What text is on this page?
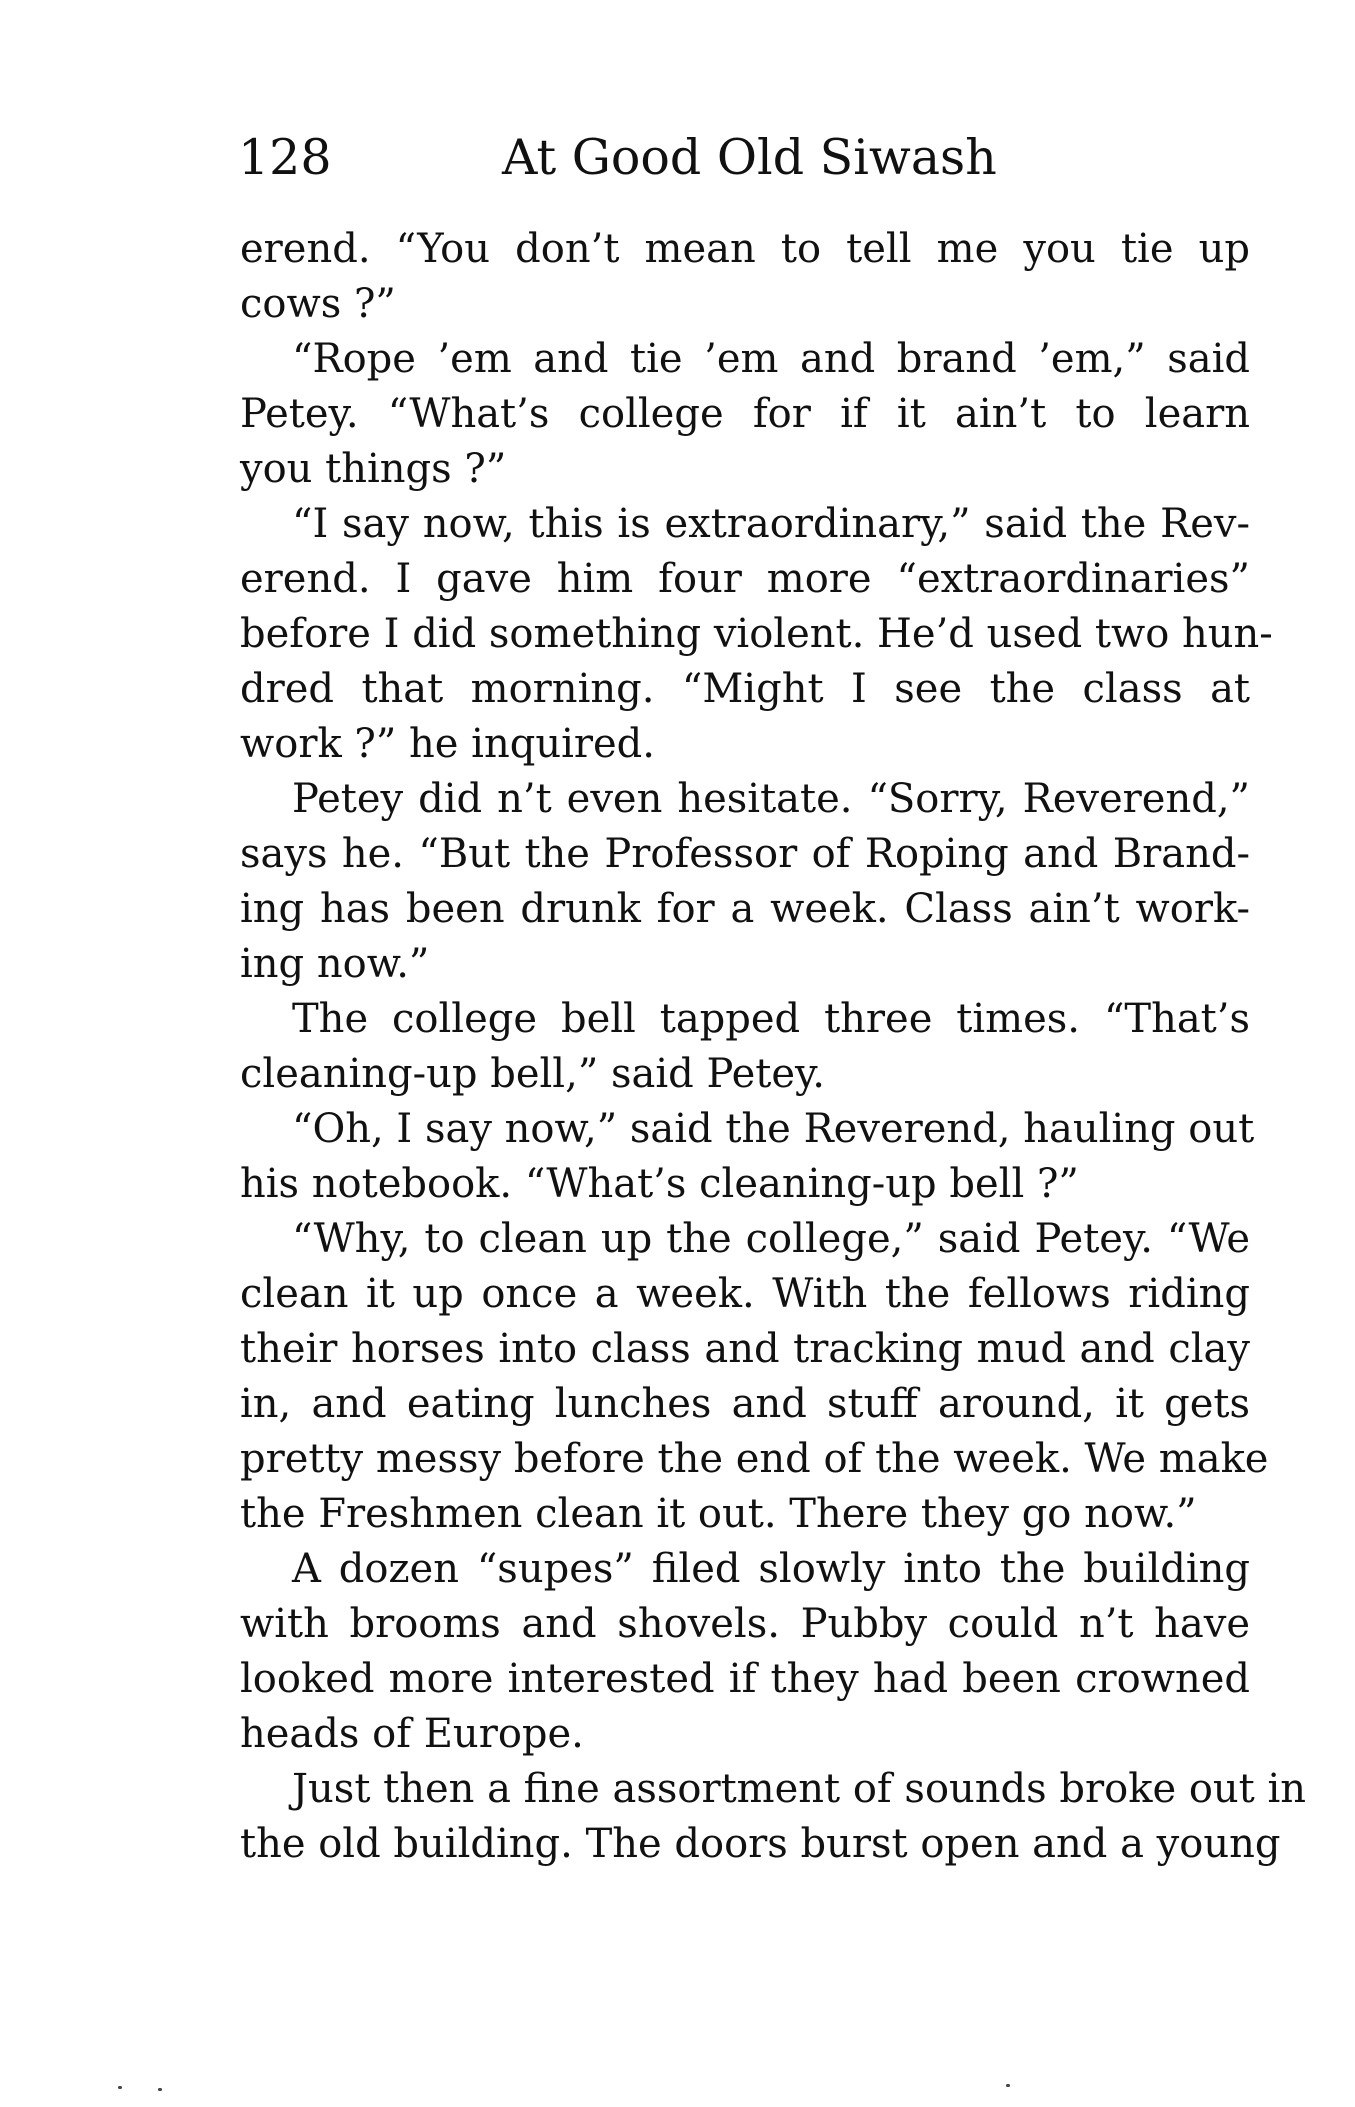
128	At Good Old Siwash
erend. “You don’t mean to tell me you tie up
cows ?”
“Rope ’em and tie ’em and brand ’em,” said
Petey. “What’s college for if it ain’t to learn
you things ?”
“I say now, this is extraordinary,” said the Rev-
erend. I gave him four more “extraordinaries”
before I did something violent. He’d used two hun-
dred that morning. “Might I see the class at
work ?” he inquired.
Petey did n’t even hesitate. “Sorry, Reverend,”
says he. “But the Professor of Roping and Brand-
ing has been drunk for a week. Class ain’t work-
ing now.”
The college bell tapped three times. “That’s
cleaning-up bell,” said Petey.
“Oh, I say now,” said the Reverend, hauling out
his notebook. “What’s cleaning-up bell ?”
“Why, to clean up the college,” said Petey. “We
clean it up once a week. With the fellows riding
their horses into class and tracking mud and clay
in, and eating lunches and stuff around, it gets
pretty messy before the end of the week. We make
the Freshmen clean it out. There they go now.”
A dozen “supes” filed slowly into the building
with brooms and shovels. Pubby could n’t have
looked more interested if they had been crowned
heads of Europe.
Just then a fine assortment of sounds broke out in
the old building. The doors burst open and a young
